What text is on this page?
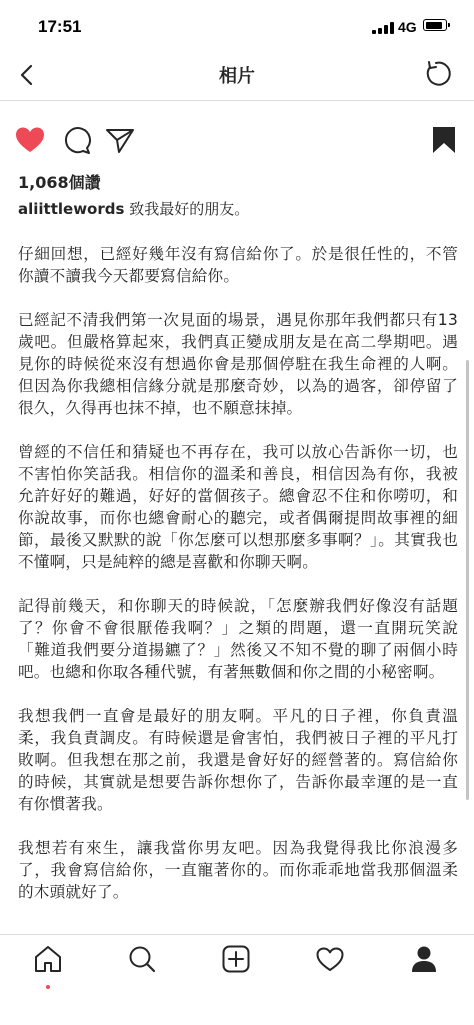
17:51	4G
相片
1,068個讚
aliittlewords 致我最好的朋友。

仔細回想，已經好幾年沒有寫信給你了。於是很任性的，不管你讀不讀我今天都要寫信給你。

已經記不清我們第一次見面的場景，遇見你那年我們都只有13歲吧。但嚴格算起來，我們真正變成朋友是在高二學期吧。遇見你的時候從來沒有想過你會是那個停駐在我生命裡的人啊。但因為你我總相信緣分就是那麼奇妙，以為的過客，卻停留了很久，久得再也抹不掉，也不願意抹掉。

曾經的不信任和猜疑也不再存在，我可以放心告訴你一切，也不害怕你笑話我。相信你的溫柔和善良，相信因為有你，我被允許好好的難過，好好的當個孩子。總會忍不住和你嘮叨，和你說故事，而你也總會耐心的聽完，或者偶爾提問故事裡的細節，最後又默默的說「你怎麼可以想那麼多事啊？」。其實我也不懂啊，只是純粹的總是喜歡和你聊天啊。

記得前幾天，和你聊天的時候說，「怎麼辦我們好像沒有話題了？你會不會很厭倦我啊？」之類的問題，還一直開玩笑說「難道我們要分道揚鑣了？」然後又不知不覺的聊了兩個小時吧。也總和你取各種代號，有著無數個和你之間的小秘密啊。

我想我們一直會是最好的朋友啊。平凡的日子裡，你負責溫柔，我負責調皮。有時候還是會害怕，我們被日子裡的平凡打敗啊。但我想在那之前，我還是會好好的經營著的。寫信給你的時候，其實就是想要告訴你想你了，告訴你最幸運的是一直有你慣著我。

我想若有來生，讓我當你男友吧。因為我覺得我比你浪漫多了，我會寫信給你，一直寵著你的。而你乖乖地當我那個溫柔的木頭就好了。
